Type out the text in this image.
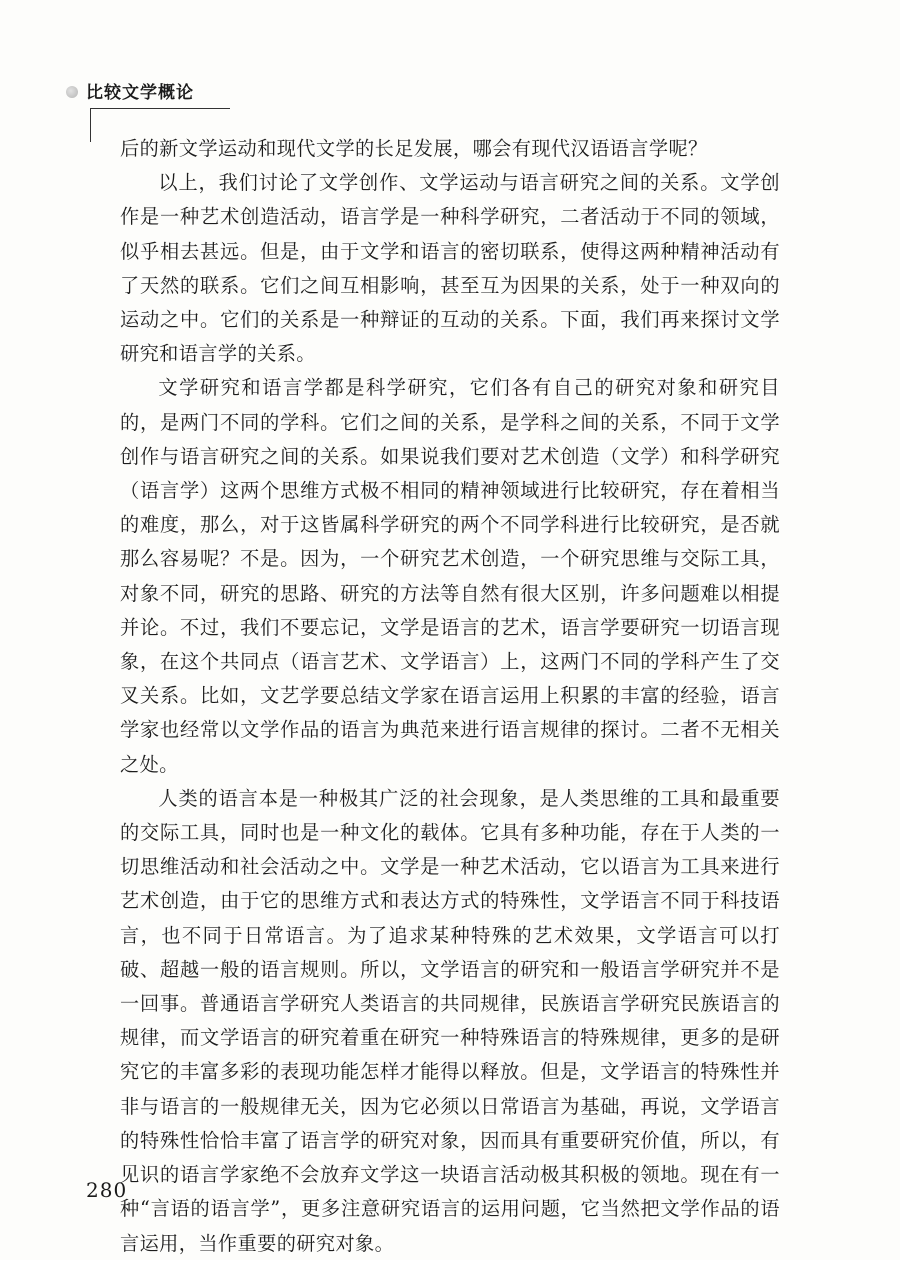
比较文学概论

后的新文学运动和现代文学的长足发展，哪会有现代汉语语言学呢？

以上，我们讨论了文学创作、文学运动与语言研究之间的关系。文学创作是一种艺术创造活动，语言学是一种科学研究，二者活动于不同的领域，似乎相去甚远。但是，由于文学和语言的密切联系，使得这两种精神活动有了天然的联系。它们之间互相影响，甚至互为因果的关系，处于一种双向的运动之中。它们的关系是一种辩证的互动的关系。下面，我们再来探讨文学研究和语言学的关系。

文学研究和语言学都是科学研究，它们各有自己的研究对象和研究目的，是两门不同的学科。它们之间的关系，是学科之间的关系，不同于文学创作与语言研究之间的关系。如果说我们要对艺术创造（文学）和科学研究（语言学）这两个思维方式极不相同的精神领域进行比较研究，存在着相当的难度，那么，对于这皆属科学研究的两个不同学科进行比较研究，是否就那么容易呢？不是。因为，一个研究艺术创造，一个研究思维与交际工具，对象不同，研究的思路、研究的方法等自然有很大区别，许多问题难以相提并论。不过，我们不要忘记，文学是语言的艺术，语言学要研究一切语言现象，在这个共同点（语言艺术、文学语言）上，这两门不同的学科产生了交叉关系。比如，文艺学要总结文学家在语言运用上积累的丰富的经验，语言学家也经常以文学作品的语言为典范来进行语言规律的探讨。二者不无相关之处。

人类的语言本是一种极其广泛的社会现象，是人类思维的工具和最重要的交际工具，同时也是一种文化的载体。它具有多种功能，存在于人类的一切思维活动和社会活动之中。文学是一种艺术活动，它以语言为工具来进行艺术创造，由于它的思维方式和表达方式的特殊性，文学语言不同于科技语言，也不同于日常语言。为了追求某种特殊的艺术效果，文学语言可以打破、超越一般的语言规则。所以，文学语言的研究和一般语言学研究并不是一回事。普通语言学研究人类语言的共同规律，民族语言学研究民族语言的规律，而文学语言的研究着重在研究一种特殊语言的特殊规律，更多的是研究它的丰富多彩的表现功能怎样才能得以释放。但是，文学语言的特殊性并非与语言的一般规律无关，因为它必须以日常语言为基础，再说，文学语言的特殊性恰恰丰富了语言学的研究对象，因而具有重要研究价值，所以，有见识的语言学家绝不会放弃文学这一块语言活动极其积极的领地。现在有一种“言语的语言学”，更多注意研究语言的运用问题，它当然把文学作品的语言运用，当作重要的研究对象。

280
